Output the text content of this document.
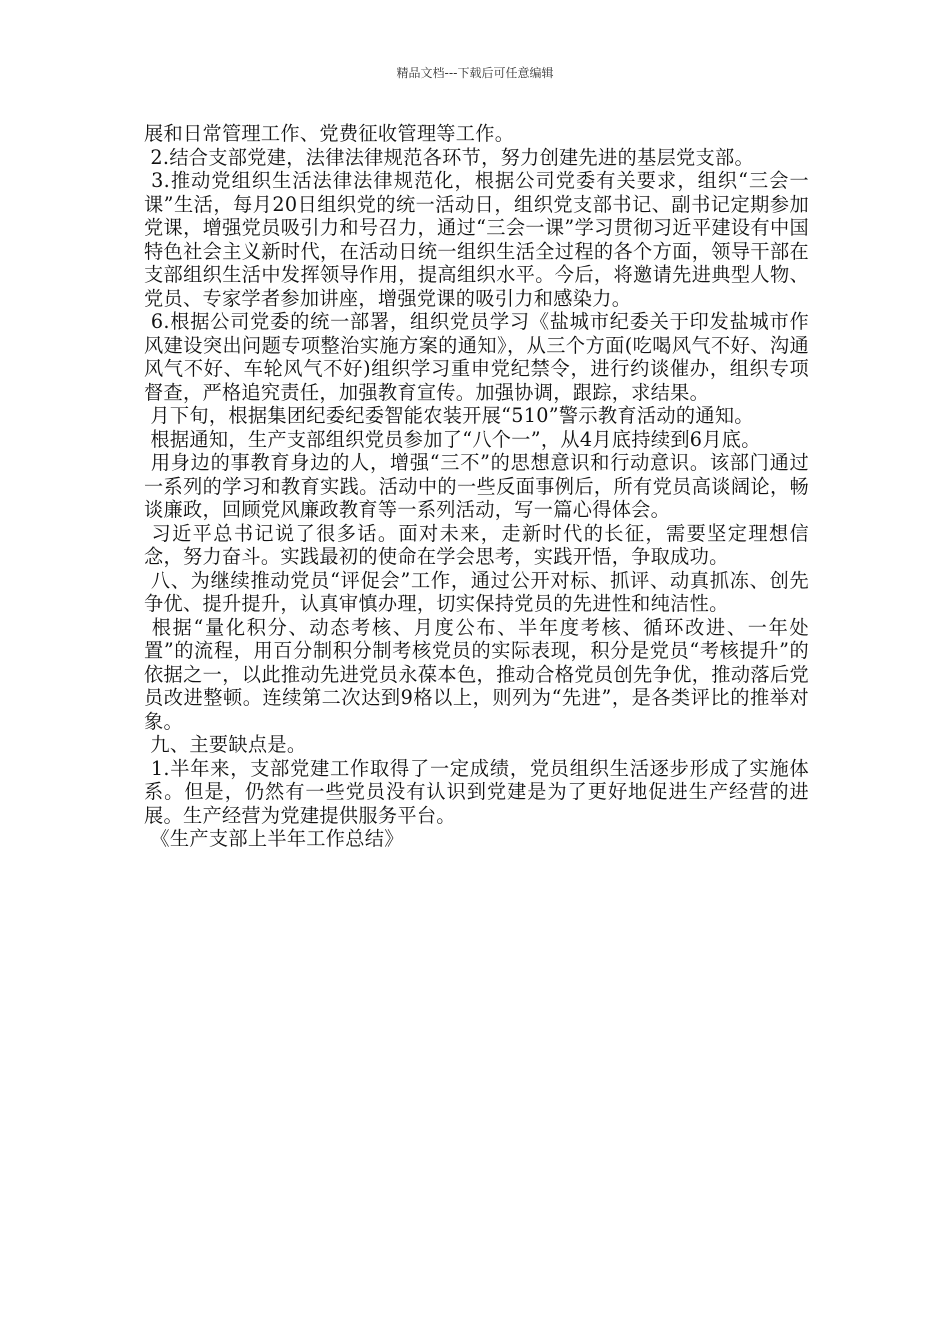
精品文档---下载后可任意编辑

展和日常管理工作、党费征收管理等工作。

2.结合支部党建，法律法律规范各环节，努力创建先进的基层党支部。

3.推动党组织生活法律法律规范化，根据公司党委有关要求，组织“三会一课”生活，每月20日组织党的统一活动日，组织党支部书记、副书记定期参加党课，增强党员吸引力和号召力，通过“三会一课”学习贯彻习近平建设有中国特色社会主义新时代，在活动日统一组织生活全过程的各个方面，领导干部在支部组织生活中发挥领导作用，提高组织水平。今后，将邀请先进典型人物、党员、专家学者参加讲座，增强党课的吸引力和感染力。

6.根据公司党委的统一部署，组织党员学习《盐城市纪委关于印发盐城市作风建设突出问题专项整治实施方案的通知》，从三个方面(吃喝风气不好、沟通风气不好、车轮风气不好)组织学习重申党纪禁令，进行约谈催办，组织专项督查，严格追究责任，加强教育宣传。加强协调，跟踪，求结果。

月下旬，根据集团纪委纪委智能农装开展“510”警示教育活动的通知。

根据通知，生产支部组织党员参加了“八个一”，从4月底持续到6月底。

用身边的事教育身边的人，增强“三不”的思想意识和行动意识。该部门通过一系列的学习和教育实践。活动中的一些反面事例后，所有党员高谈阔论，畅谈廉政，回顾党风廉政教育等一系列活动，写一篇心得体会。

习近平总书记说了很多话。面对未来，走新时代的长征，需要坚定理想信念，努力奋斗。实践最初的使命在学会思考，实践开悟，争取成功。

八、为继续推动党员“评促会”工作，通过公开对标、抓评、动真抓冻、创先争优、提升提升，认真审慎办理，切实保持党员的先进性和纯洁性。

根据“量化积分、动态考核、月度公布、半年度考核、循环改进、一年处置”的流程，用百分制积分制考核党员的实际表现，积分是党员“考核提升”的依据之一，以此推动先进党员永葆本色，推动合格党员创先争优，推动落后党员改进整顿。连续第二次达到9格以上，则列为“先进”，是各类评比的推举对象。

九、主要缺点是。

1.半年来，支部党建工作取得了一定成绩，党员组织生活逐步形成了实施体系。但是，仍然有一些党员没有认识到党建是为了更好地促进生产经营的进展。生产经营为党建提供服务平台。

《生产支部上半年工作总结》
